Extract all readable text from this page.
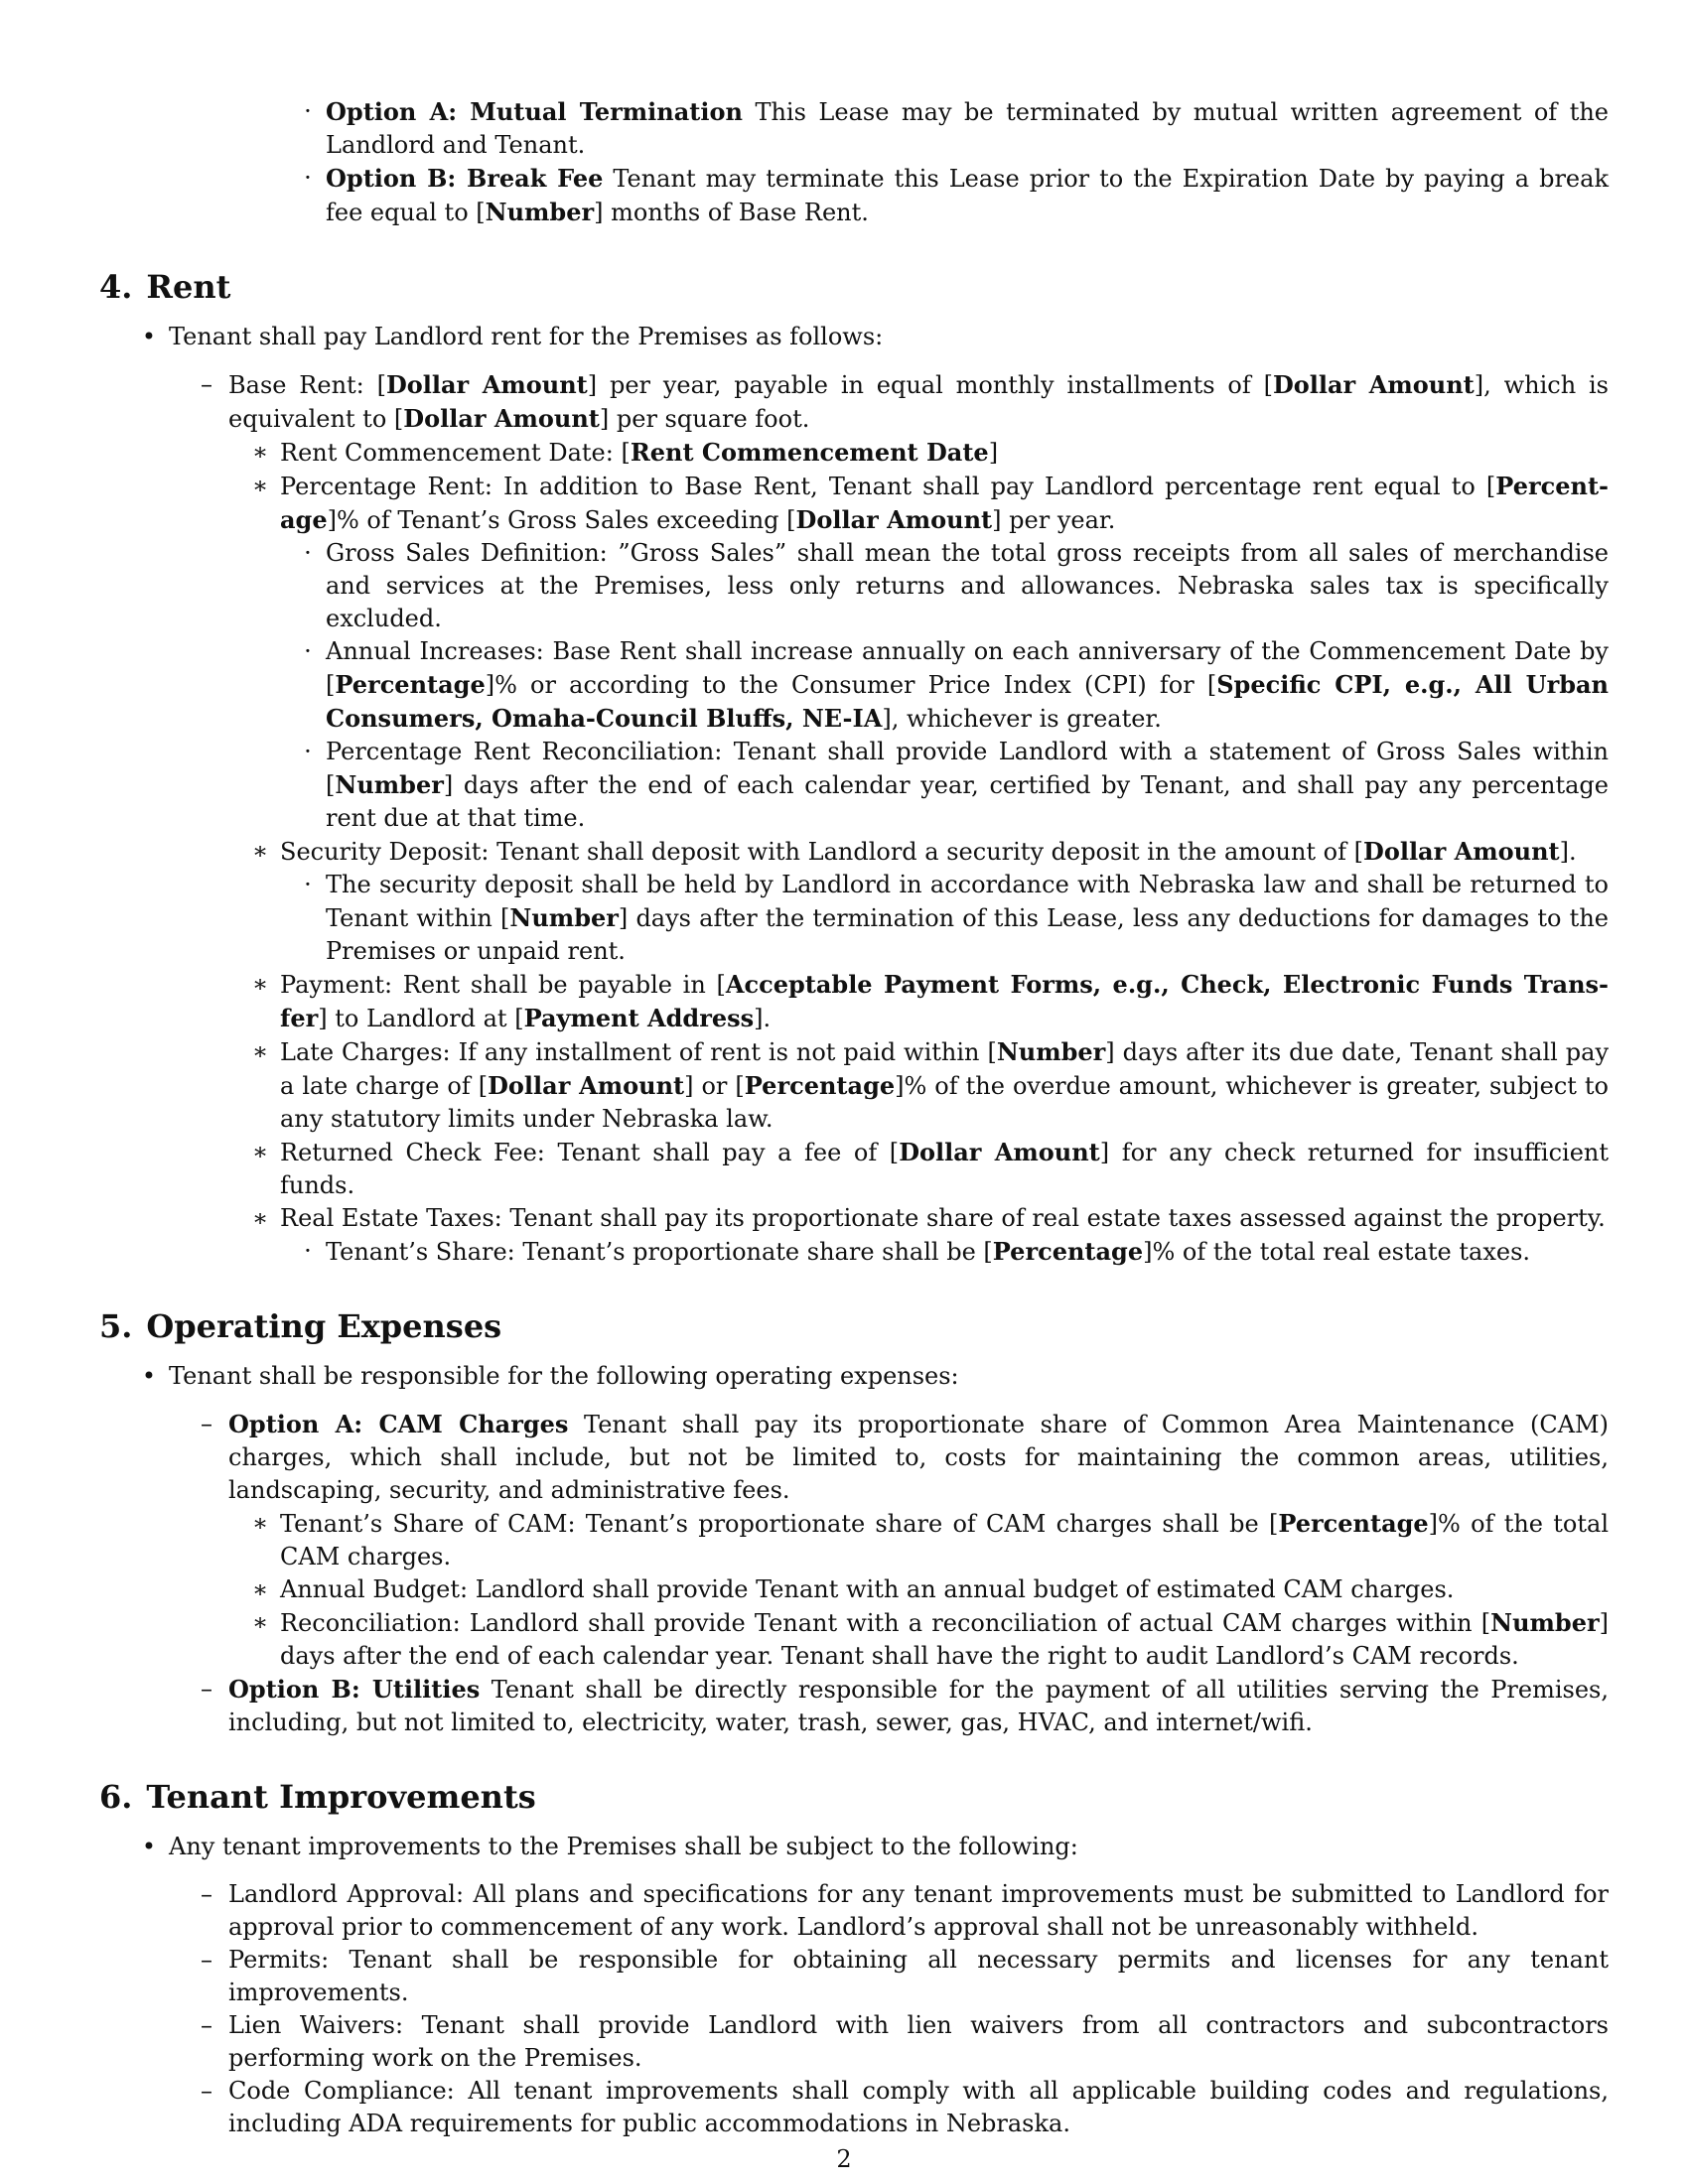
· Option A: Mutual Termination This Lease may be terminated by mutual written agreement of the Landlord and Tenant.
· Option B: Break Fee Tenant may terminate this Lease prior to the Expiration Date by paying a break fee equal to [Number] months of Base Rent.
4. Rent
• Tenant shall pay Landlord rent for the Premises as follows:
– Base Rent: [Dollar Amount] per year, payable in equal monthly installments of [Dollar Amount], which is equivalent to [Dollar Amount] per square foot.
∗ Rent Commencement Date: [Rent Commencement Date]
∗ Percentage Rent: In addition to Base Rent, Tenant shall pay Landlord percentage rent equal to [Percent-age]% of Tenant’s Gross Sales exceeding [Dollar Amount] per year.
· Gross Sales Definition: ”Gross Sales” shall mean the total gross receipts from all sales of merchandise and services at the Premises, less only returns and allowances. Nebraska sales tax is specifically excluded.
· Annual Increases: Base Rent shall increase annually on each anniversary of the Commencement Date by [Percentage]% or according to the Consumer Price Index (CPI) for [Specific CPI, e.g., All Urban Consumers, Omaha-Council Bluffs, NE-IA], whichever is greater.
· Percentage Rent Reconciliation: Tenant shall provide Landlord with a statement of Gross Sales within [Number] days after the end of each calendar year, certified by Tenant, and shall pay any percentage rent due at that time.
∗ Security Deposit: Tenant shall deposit with Landlord a security deposit in the amount of [Dollar Amount].
· The security deposit shall be held by Landlord in accordance with Nebraska law and shall be returned to Tenant within [Number] days after the termination of this Lease, less any deductions for damages to the Premises or unpaid rent.
∗ Payment: Rent shall be payable in [Acceptable Payment Forms, e.g., Check, Electronic Funds Trans-fer] to Landlord at [Payment Address].
∗ Late Charges: If any installment of rent is not paid within [Number] days after its due date, Tenant shall pay a late charge of [Dollar Amount] or [Percentage]% of the overdue amount, whichever is greater, subject to any statutory limits under Nebraska law.
∗ Returned Check Fee: Tenant shall pay a fee of [Dollar Amount] for any check returned for insufficient funds.
∗ Real Estate Taxes: Tenant shall pay its proportionate share of real estate taxes assessed against the property.
· Tenant’s Share: Tenant’s proportionate share shall be [Percentage]% of the total real estate taxes.
5. Operating Expenses
• Tenant shall be responsible for the following operating expenses:
– Option A: CAM Charges Tenant shall pay its proportionate share of Common Area Maintenance (CAM) charges, which shall include, but not be limited to, costs for maintaining the common areas, utilities, landscaping, security, and administrative fees.
∗ Tenant’s Share of CAM: Tenant’s proportionate share of CAM charges shall be [Percentage]% of the total CAM charges.
∗ Annual Budget: Landlord shall provide Tenant with an annual budget of estimated CAM charges.
∗ Reconciliation: Landlord shall provide Tenant with a reconciliation of actual CAM charges within [Number] days after the end of each calendar year. Tenant shall have the right to audit Landlord’s CAM records.
– Option B: Utilities Tenant shall be directly responsible for the payment of all utilities serving the Premises, including, but not limited to, electricity, water, trash, sewer, gas, HVAC, and internet/wifi.
6. Tenant Improvements
• Any tenant improvements to the Premises shall be subject to the following:
– Landlord Approval: All plans and specifications for any tenant improvements must be submitted to Landlord for approval prior to commencement of any work. Landlord’s approval shall not be unreasonably withheld.
– Permits: Tenant shall be responsible for obtaining all necessary permits and licenses for any tenant improvements.
– Lien Waivers: Tenant shall provide Landlord with lien waivers from all contractors and subcontractors performing work on the Premises.
– Code Compliance: All tenant improvements shall comply with all applicable building codes and regulations, including ADA requirements for public accommodations in Nebraska.
2
